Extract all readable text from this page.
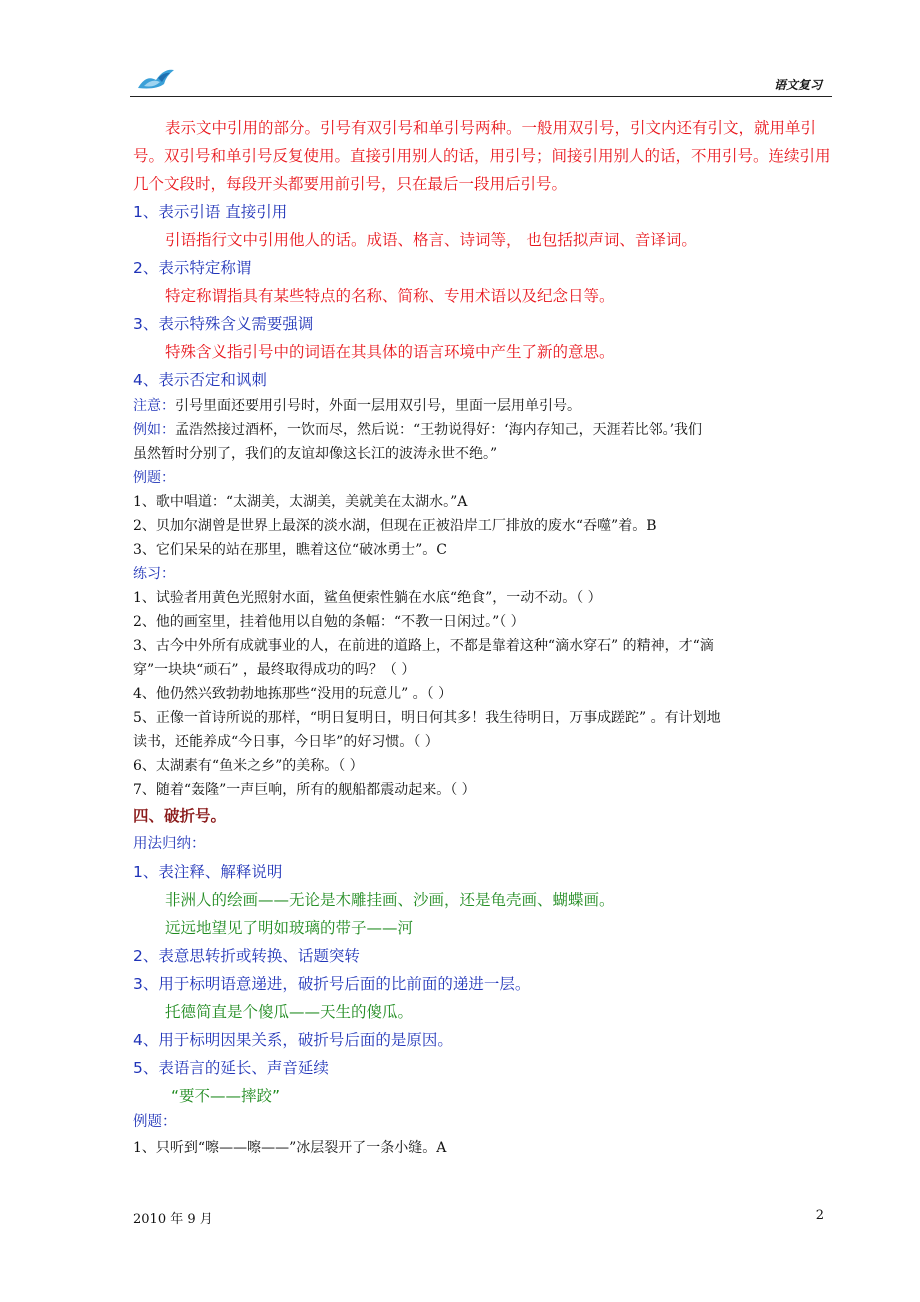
语文复习
表示文中引用的部分。引号有双引号和单引号两种。一般用双引号，引文内还有引文，就用单引号。双引号和单引号反复使用。直接引用别人的话，用引号；间接引用别人的话，不用引号。连续引用几个文段时，每段开头都要用前引号，只在最后一段用后引号。
1、表示引语 直接引用
引语指行文中引用他人的话。成语、格言、诗词等， 也包括拟声词、音译词。
2、表示特定称谓
特定称谓指具有某些特点的名称、简称、专用术语以及纪念日等。
3、表示特殊含义需要强调
特殊含义指引号中的词语在其具体的语言环境中产生了新的意思。
4、表示否定和讽刺
注意：引号里面还要用引号时，外面一层用双引号，里面一层用单引号。
例如：孟浩然接过酒杯，一饮而尽，然后说：“王勃说得好：‘海内存知己，天涯若比邻。’我们
虽然暂时分别了，我们的友谊却像这长江的波涛永世不绝。”
例题：
1、歌中唱道：“太湖美，太湖美，美就美在太湖水。”A
2、贝加尔湖曾是世界上最深的淡水湖，但现在正被沿岸工厂排放的废水“吞噬”着。B
3、它们呆呆的站在那里，瞧着这位“破冰勇士”。C
练习：
1、试验者用黄色光照射水面，鲨鱼便索性躺在水底“绝食”，一动不动。（ ）
2、他的画室里，挂着他用以自勉的条幅：“不教一日闲过。”（ ）
3、古今中外所有成就事业的人，在前进的道路上，不都是靠着这种“滴水穿石” 的精神，才“滴
穿”一块块“顽石” ，最终取得成功的吗？（ ）
4、他仍然兴致勃勃地拣那些“没用的玩意儿” 。（ ）
5、正像一首诗所说的那样，“明日复明日，明日何其多！我生待明日，万事成蹉跎” 。有计划地
读书，还能养成“今日事，今日毕”的好习惯。（ ）
6、太湖素有“鱼米之乡”的美称。（ ）
7、随着“轰隆”一声巨响，所有的舰船都震动起来。（ ）
四、破折号。
用法归纳：
1、表注释、解释说明
非洲人的绘画——无论是木雕挂画、沙画，还是龟壳画、蝴蝶画。
远远地望见了明如玻璃的带子——河
2、表意思转折或转换、话题突转
3、用于标明语意递进，破折号后面的比前面的递进一层。
托德简直是个傻瓜——天生的傻瓜。
4、用于标明因果关系，破折号后面的是原因。
5、表语言的延长、声音延续
“要不——摔跤”
例题：
1、只听到“嚓——嚓——”冰层裂开了一条小缝。A
2010 年 9 月	2
